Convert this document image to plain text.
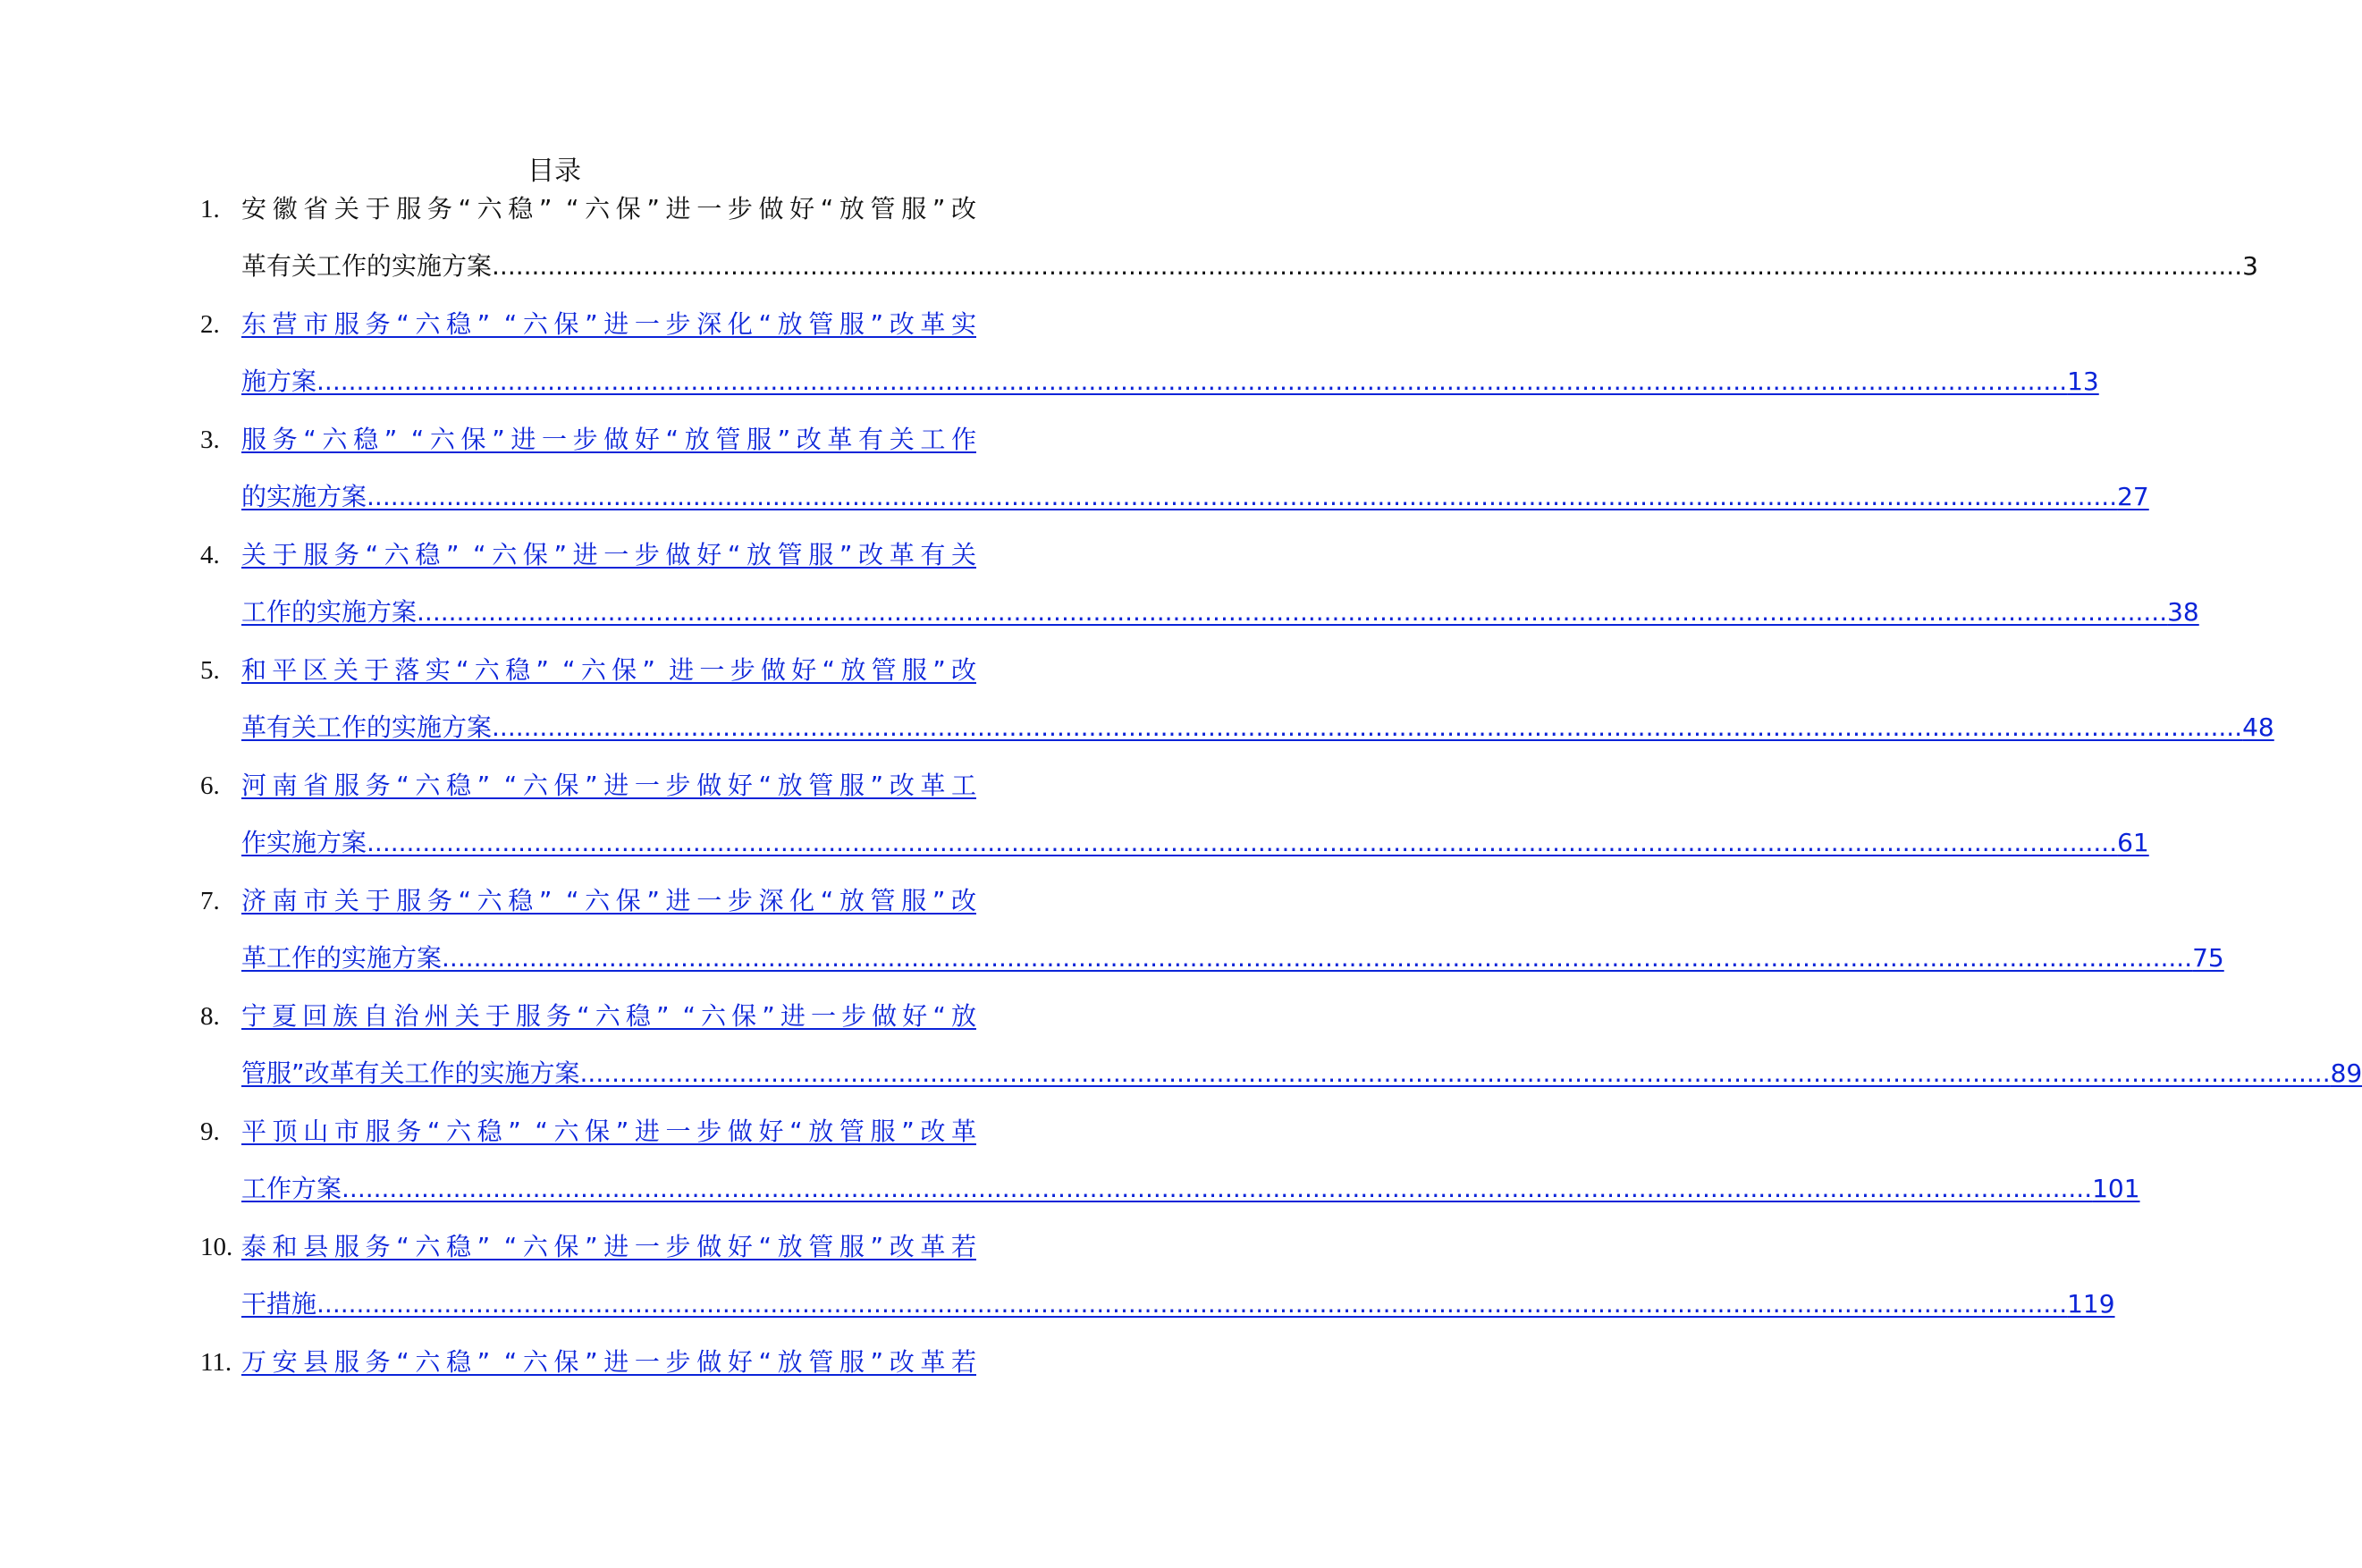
目录
1. 安徽省关于服务“六稳” “六保”进一步做好“放管服”改
革有关工作的实施方案 ............................................................................................................................................................................................................................ 3
2. 东营市服务“六稳” “六保”进一步深化“放管服”改革实
施方案 ............................................................................................................................................................................................................................ 13
3. 服务“六稳” “六保”进一步做好“放管服”改革有关工作
的实施方案 ............................................................................................................................................................................................................................ 27
4. 关于服务“六稳” “六保”进一步做好“放管服”改革有关
工作的实施方案 ............................................................................................................................................................................................................................ 38
5. 和平区关于落实“六稳” “六保” 进一步做好“放管服”改
革有关工作的实施方案 ............................................................................................................................................................................................................................ 48
6. 河南省服务“六稳” “六保”进一步做好“放管服”改革工
作实施方案 ............................................................................................................................................................................................................................ 61
7. 济南市关于服务“六稳” “六保”进一步深化“放管服”改
革工作的实施方案 ............................................................................................................................................................................................................................ 75
8. 宁夏回族自治州关于服务“六稳” “六保”进一步做好“放
管服”改革有关工作的实施方案 ............................................................................................................................................................................................................................ 89
9. 平顶山市服务“六稳” “六保”进一步做好“放管服”改革
工作方案 ............................................................................................................................................................................................................................ 101
10. 泰和县服务“六稳” “六保”进一步做好“放管服”改革若
干措施 ............................................................................................................................................................................................................................ 119
11. 万安县服务“六稳” “六保”进一步做好“放管服”改革若
